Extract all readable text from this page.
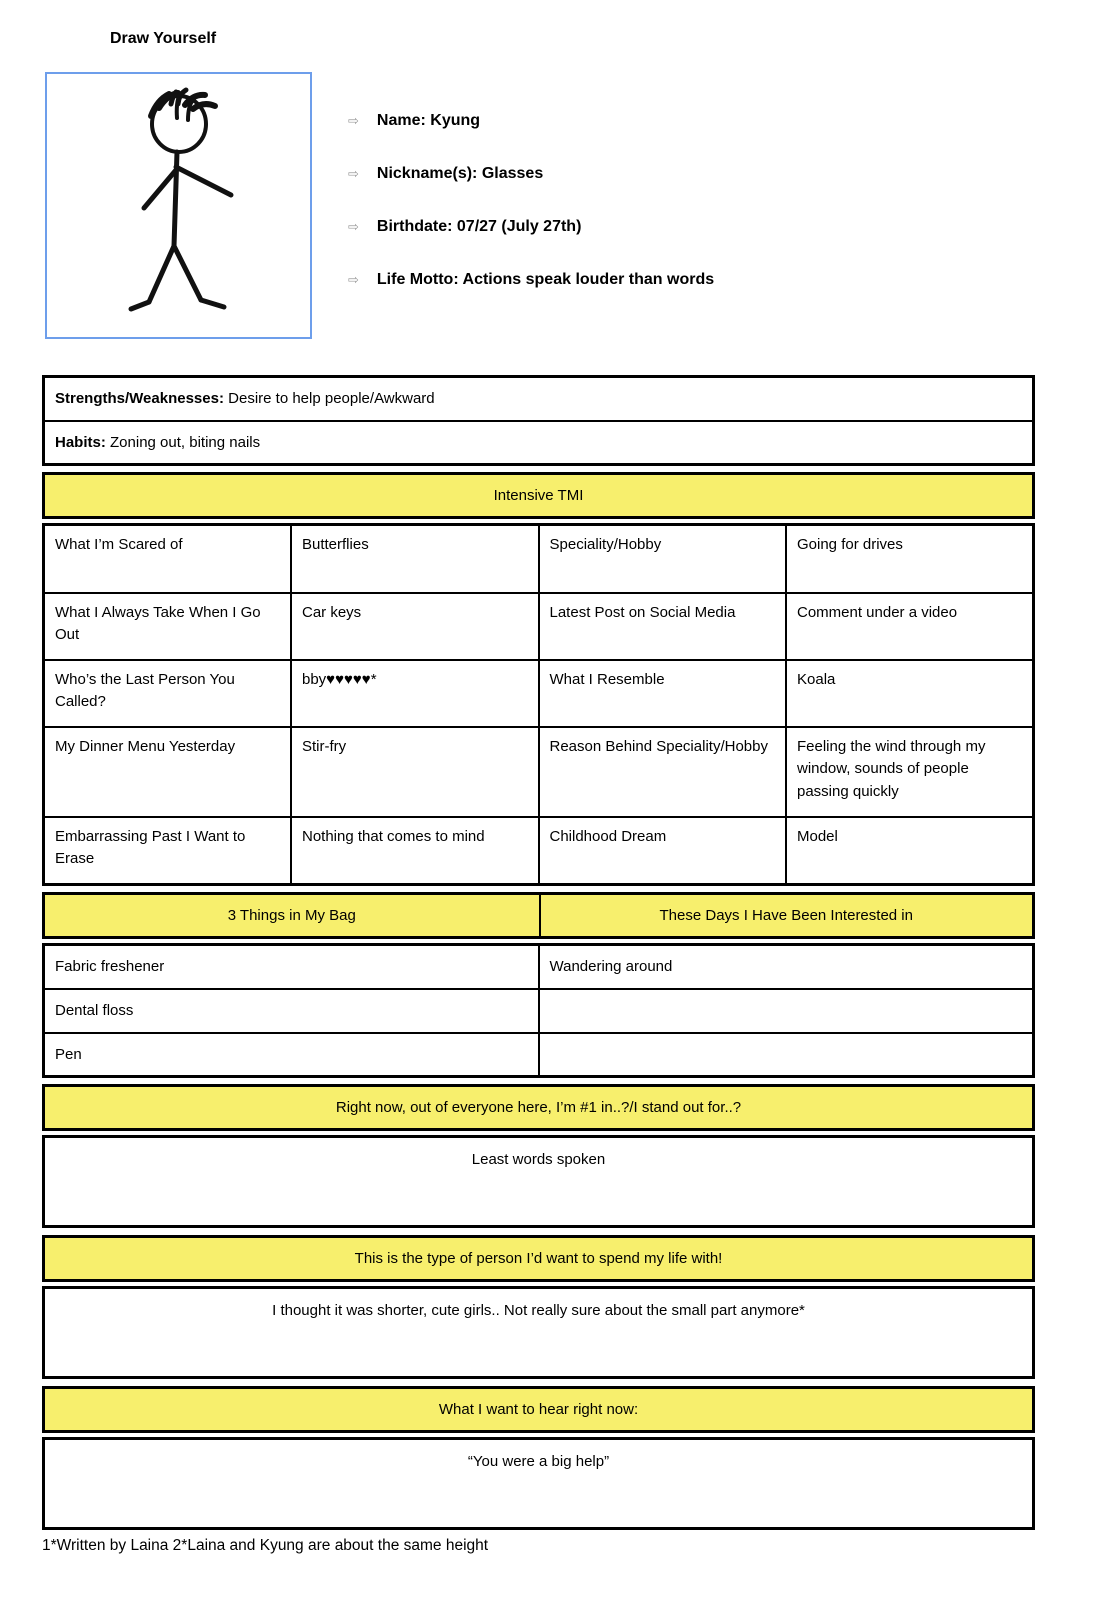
Draw Yourself
⇨ Name: Kyung
⇨ Nickname(s): Glasses
⇨ Birthdate: 07/27 (July 27th)
⇨ Life Motto: Actions speak louder than words
Strengths/Weaknesses: Desire to help people/Awkward
Habits: Zoning out, biting nails
Intensive TMI
What I’m Scared of	Butterflies	Speciality/Hobby	Going for drives
What I Always Take When I Go Out	Car keys	Latest Post on Social Media	Comment under a video
Who’s the Last Person You Called?	bby♥♥♥♥♥*	What I Resemble	Koala
My Dinner Menu Yesterday	Stir-fry	Reason Behind Speciality/Hobby	Feeling the wind through my window, sounds of people passing quickly
Embarrassing Past I Want to Erase	Nothing that comes to mind	Childhood Dream	Model
3 Things in My Bag	These Days I Have Been Interested in
Fabric freshener	Wandering around
Dental floss	
Pen	
Right now, out of everyone here, I’m #1 in..?/I stand out for..?
Least words spoken
This is the type of person I’d want to spend my life with!
I thought it was shorter, cute girls.. Not really sure about the small part anymore*
What I want to hear right now:
“You were a big help”
1*Written by Laina 2*Laina and Kyung are about the same height
